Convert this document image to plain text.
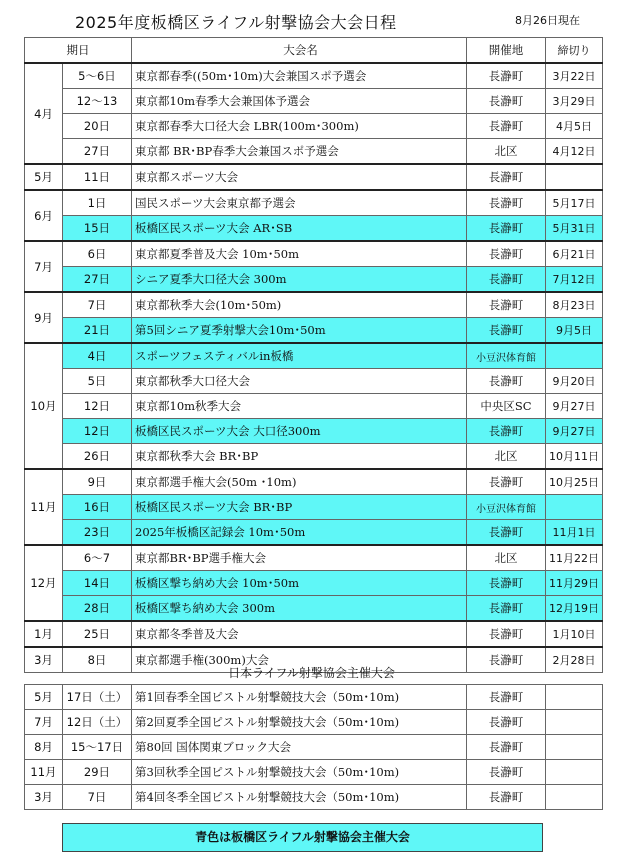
2025年度板橋区ライフル射撃協会大会日程	8月26日現在
期日		大会名	開催地	締切り
4月	5～6日	東京都春季((50m･10m)大会兼国スポ予選会	長瀞町	3月22日
	12～13	東京都10m春季大会兼国体予選会	長瀞町	3月29日
	20日	東京都春季大口径大会 LBR(100m･300m)	長瀞町	4月5日
	27日	東京都 BR･BP春季大会兼国スポ予選会	北区	4月12日
5月	11日	東京都スポーツ大会	長瀞町	
6月	1日	国民スポーツ大会東京都予選会	長瀞町	5月17日
	15日	板橋区民スポーツ大会 AR･SB	長瀞町	5月31日
7月	6日	東京都夏季普及大会 10m･50m	長瀞町	6月21日
	27日	シニア夏季大口径大会 300m	長瀞町	7月12日
9月	7日	東京都秋季大会(10m･50m)	長瀞町	8月23日
	21日	第5回シニア夏季射撃大会10m･50m	長瀞町	9月5日
10月	4日	スポーツフェスティバルin板橋	小豆沢体育館	
	5日	東京都秋季大口径大会	長瀞町	9月20日
	12日	東京都10m秋季大会	中央区SC	9月27日
	12日	板橋区民スポーツ大会 大口径300m	長瀞町	9月27日
	26日	東京都秋季大会 BR･BP	北区	10月11日
11月	9日	東京都選手権大会(50m ･10m)	長瀞町	10月25日
	16日	板橋区民スポーツ大会 BR･BP	小豆沢体育館	
	23日	2025年板橋区記録会 10m･50m	長瀞町	11月1日
12月	6～7	東京都BR･BP選手権大会	北区	11月22日
	14日	板橋区撃ち納め大会 10m･50m	長瀞町	11月29日
	28日	板橋区撃ち納め大会 300m	長瀞町	12月19日
1月	25日	東京都冬季普及大会	長瀞町	1月10日
3月	8日	東京都選手権(300m)大会	長瀞町	2月28日
日本ライフル射撃協会主催大会
5月	17日（土）	第1回春季全国ピストル射撃競技大会（50m･10m)	長瀞町	
7月	12日（土）	第2回夏季全国ピストル射撃競技大会（50m･10m)	長瀞町	
8月	15～17日	第80回 国体関東ブロック大会	長瀞町	
11月	29日	第3回秋季全国ピストル射撃競技大会（50m･10m)	長瀞町	
3月	7日	第4回冬季全国ピストル射撃競技大会（50m･10m)	長瀞町	
青色は板橋区ライフル射撃協会主催大会
